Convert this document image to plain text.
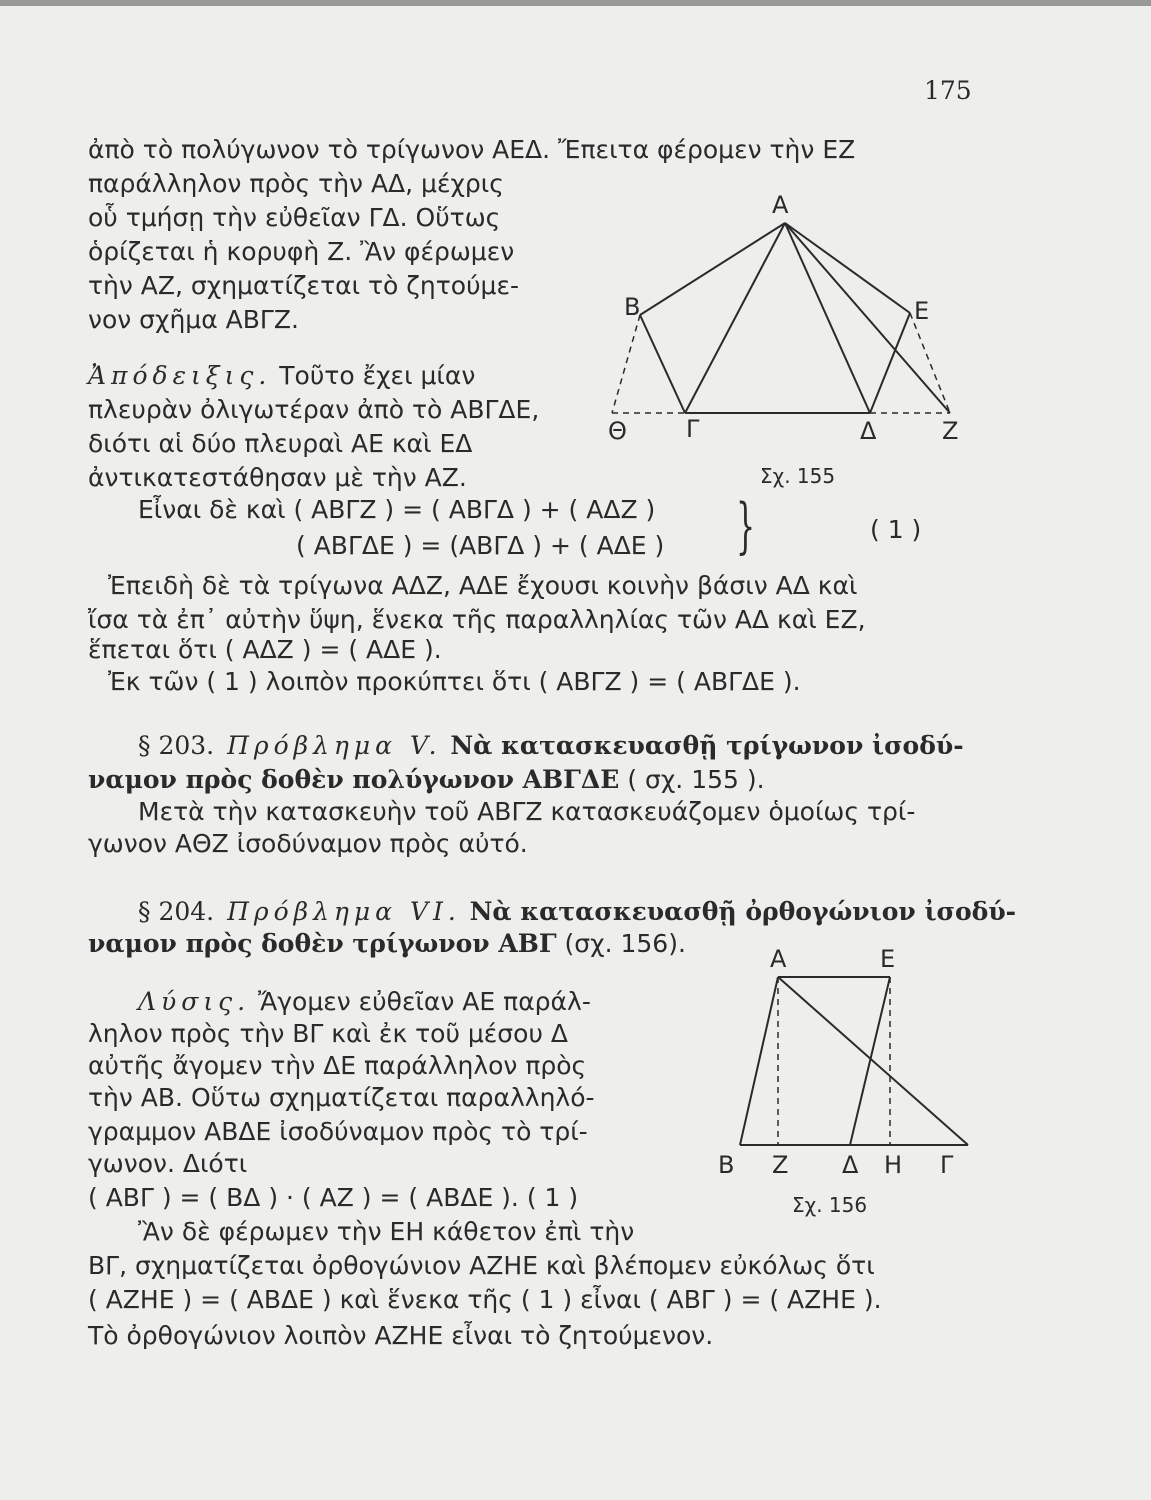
175
ἀπὸ τὸ πολύγωνον τὸ τρίγωνον ΑΕΔ. Ἔπειτα φέρομεν τὴν ΕΖ
παράλληλον πρὸς τὴν ΑΔ, μέχρις
οὗ τμήσῃ τὴν εὐθεῖαν ΓΔ. Οὕτως
ὁρίζεται ἡ κορυφὴ Ζ. Ἂν φέρωμεν
τὴν ΑΖ, σχηματίζεται τὸ ζητούμε-
νον σχῆμα ΑΒΓΖ.
Ἀπόδειξις. Τοῦτο ἔχει μίαν
πλευρὰν ὀλιγωτέραν ἀπὸ τὸ ΑΒΓΔΕ,
διότι αἱ δύο πλευραὶ ΑΕ καὶ ΕΔ
ἀντικατεστάθησαν μὲ τὴν ΑΖ.
Εἶναι δὲ καὶ ( ΑΒΓΖ ) = ( ΑΒΓΔ ) + ( ΑΔΖ )
( ΑΒΓΔΕ ) = (ΑΒΓΔ ) + ( ΑΔΕ ) }	( 1 )
Ἐπειδὴ δὲ τὰ τρίγωνα ΑΔΖ, ΑΔΕ ἔχουσι κοινὴν βάσιν ΑΔ καὶ
ἴσα τὰ ἐπ᾽ αὐτὴν ὕψη, ἕνεκα τῆς παραλληλίας τῶν ΑΔ καὶ ΕΖ,
ἕπεται ὅτι ( ΑΔΖ ) = ( ΑΔΕ ).
Ἐκ τῶν ( 1 ) λοιπὸν προκύπτει ὅτι ( ΑΒΓΖ ) = ( ΑΒΓΔΕ ).
§ 203. Πρόβλημα V. Νὰ κατασκευασθῇ τρίγωνον ἰσοδύ-
ναμον πρὸς δοθὲν πολύγωνον ΑΒΓΔΕ ( σχ. 155 ).
Μετὰ τὴν κατασκευὴν τοῦ ΑΒΓΖ κατασκευάζομεν ὁμοίως τρί-
γωνον ΑΘΖ ἰσοδύναμον πρὸς αὐτό.
§ 204. Πρόβλημα VI. Νὰ κατασκευασθῇ ὀρθογώνιον ἰσοδύ-
ναμον πρὸς δοθὲν τρίγωνον ΑΒΓ (σχ. 156).
Λύσις. Ἄγομεν εὐθεῖαν ΑΕ παράλ-
ληλον πρὸς τὴν ΒΓ καὶ ἐκ τοῦ μέσου Δ
αὐτῆς ἄγομεν τὴν ΔΕ παράλληλον πρὸς
τὴν ΑΒ. Οὕτω σχηματίζεται παραλληλό-
γραμμον ΑΒΔΕ ἰσοδύναμον πρὸς τὸ τρί-
γωνον. Διότι
( ΑΒΓ ) = ( ΒΔ ) · ( ΑΖ ) = ( ΑΒΔΕ ). ( 1 )
Ἂν δὲ φέρωμεν τὴν ΕΗ κάθετον ἐπὶ τὴν
ΒΓ, σχηματίζεται ὀρθογώνιον ΑΖΗΕ καὶ βλέπομεν εὐκόλως ὅτι
( ΑΖΗΕ ) = ( ΑΒΔΕ ) καὶ ἕνεκα τῆς ( 1 ) εἶναι ( ΑΒΓ ) = ( ΑΖΗΕ ).
Τὸ ὀρθογώνιον λοιπὸν ΑΖΗΕ εἶναι τὸ ζητούμενον.
Α
Β	Ε
Θ Γ	Δ	Ζ
Σχ. 155
Α	Ε
Β Ζ Δ Η Γ
Σχ. 156
